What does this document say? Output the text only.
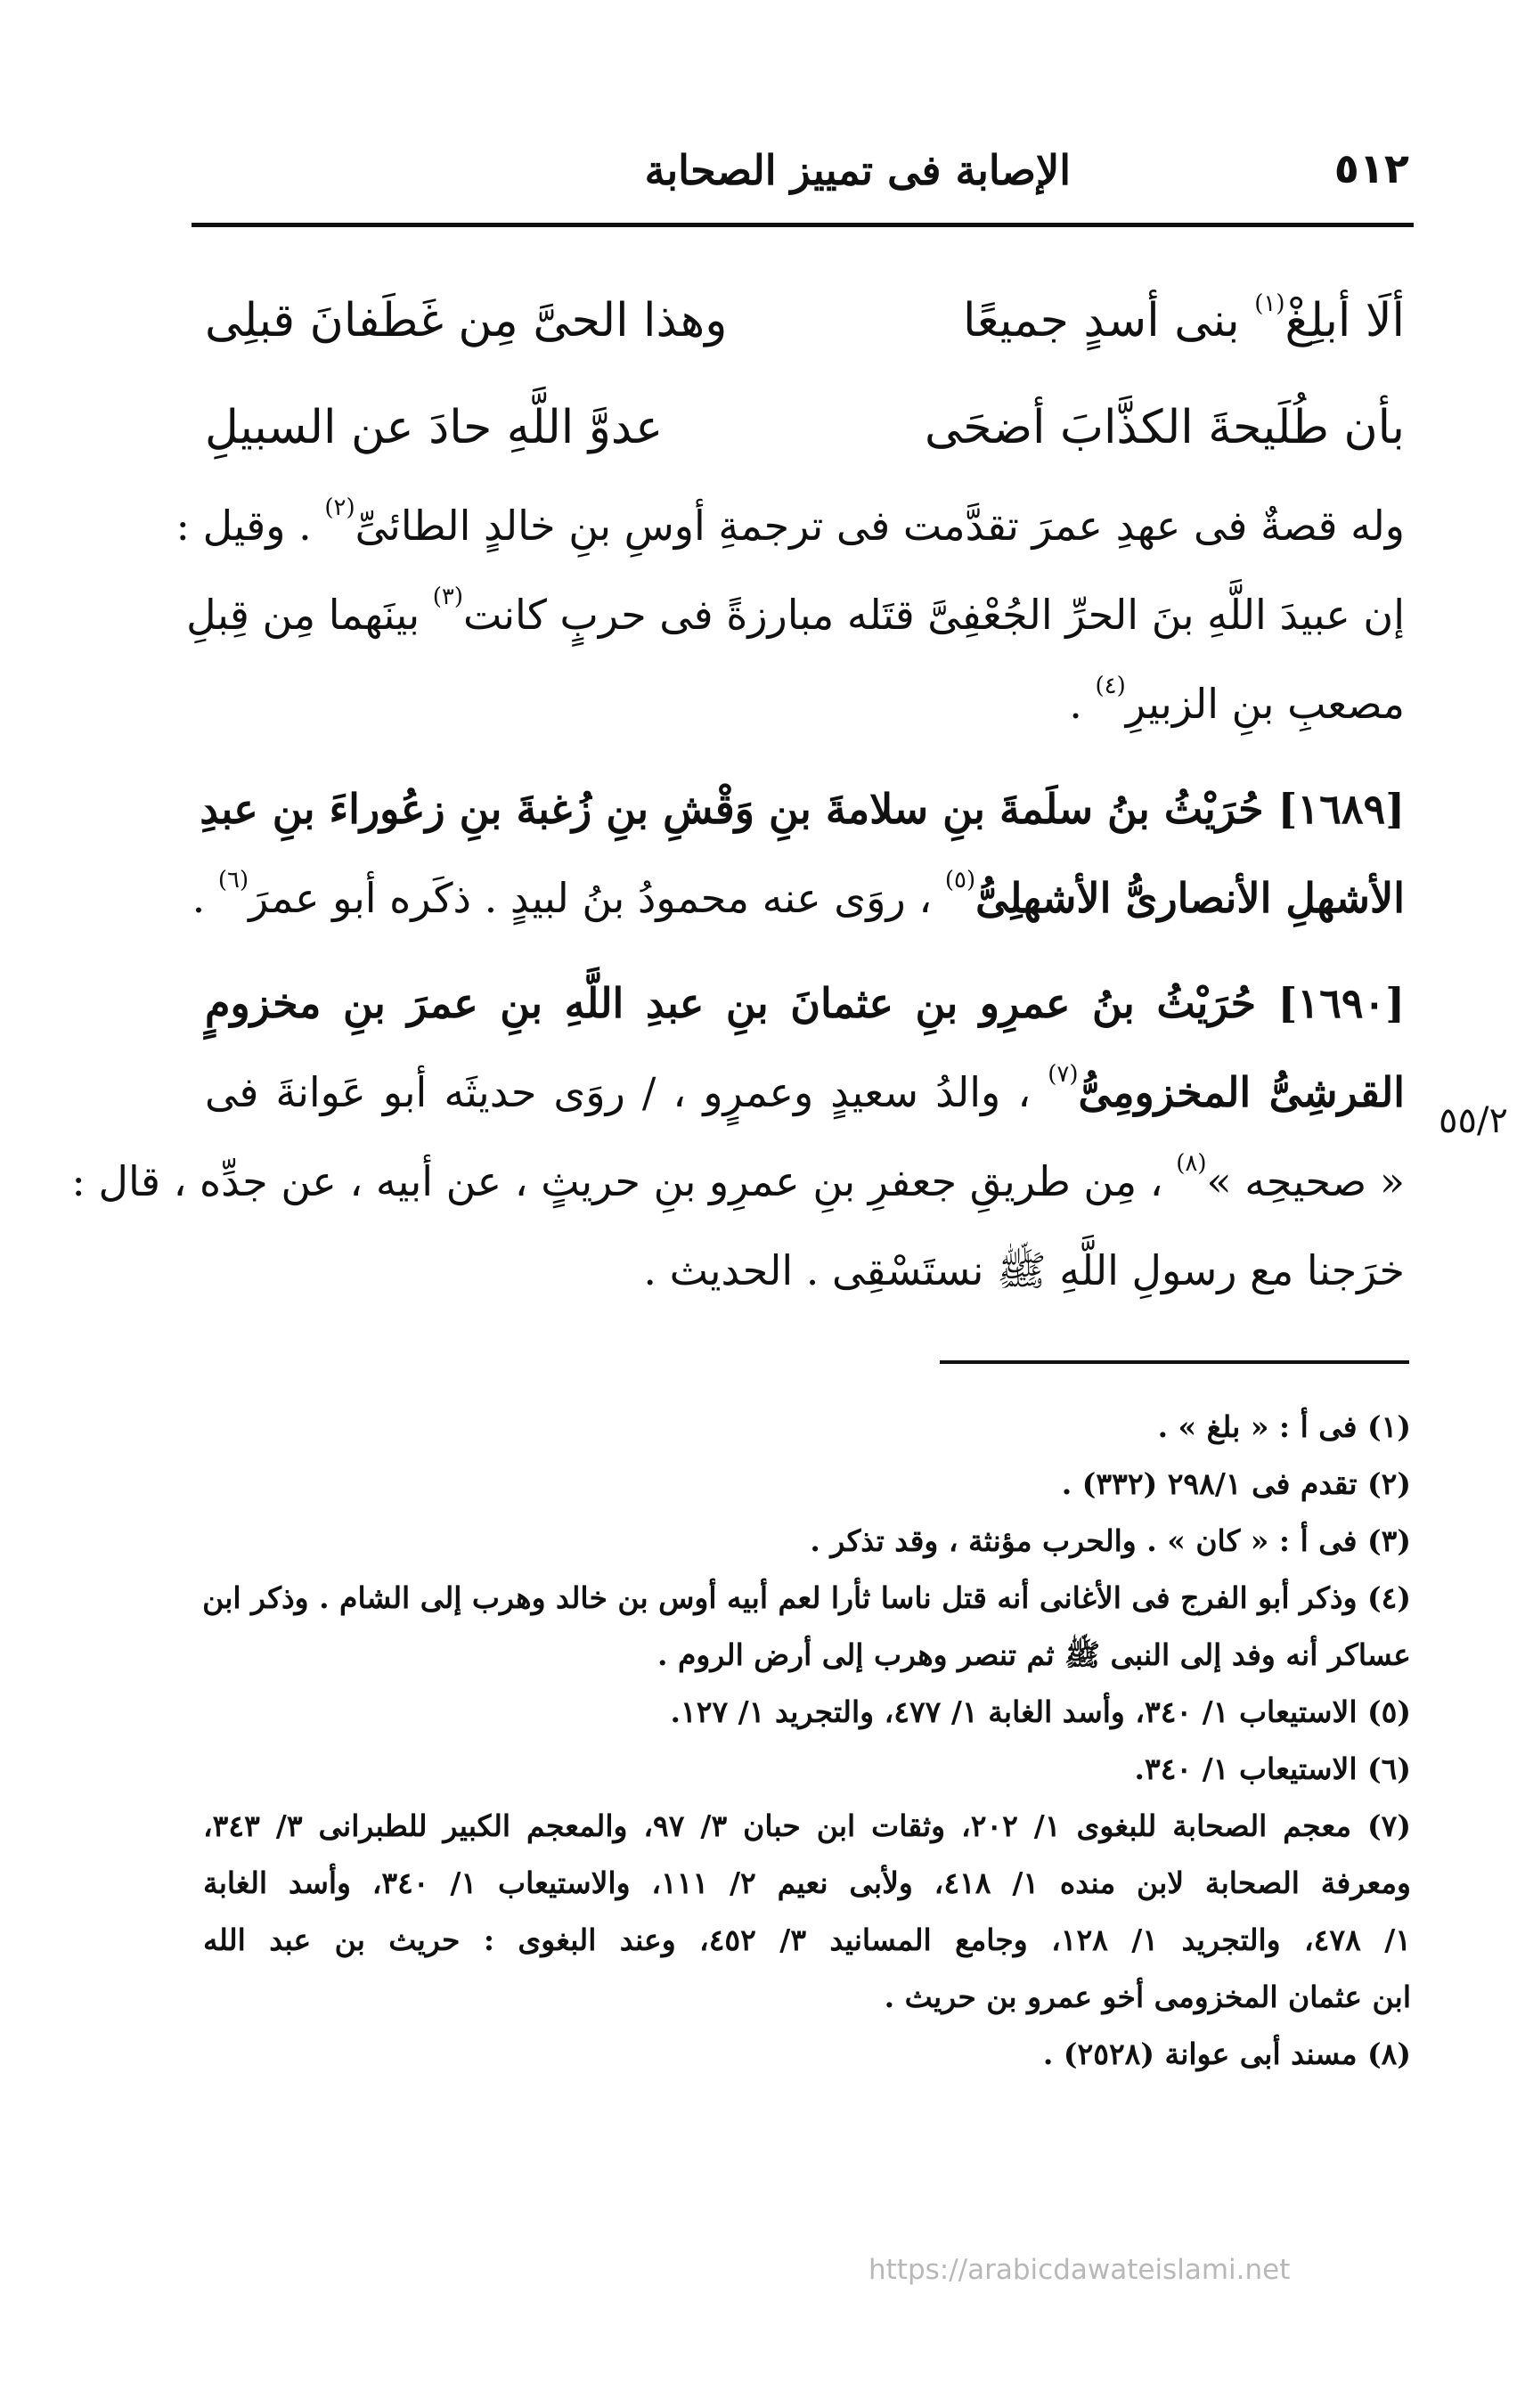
٥١٢
الإصابة فى تمييز الصحابة
ألَا أبلِغْ$^{(١)}$ بنى أسدٍ جميعًا
وهذا الحىَّ مِن غَطَفانَ قبلِى
بأن طُلَيحةَ الكذَّابَ أضحَى
عدوَّ اللَّهِ حادَ عن السبيلِ
وله قصةٌ فى عهدِ عمرَ تقدَّمت فى ترجمةِ أوسِ بنِ خالدٍ الطائىِّ$^{(٢)}$ . وقيل :
إن عبيدَ اللَّهِ بنَ الحرِّ الجُعْفِىَّ قتَله مبارزةً فى حربٍ كانت$^{(٣)}$ بينَهما مِن قِبلِ
مصعبِ بنِ الزبيرِ$^{(٤)}$ .
[١٦٨٩] حُرَيْثُ بنُ سلَمةَ بنِ سلامةَ بنِ وَقْشِ بنِ زُغبةَ بنِ زعُوراءَ بنِ عبدِ
الأشهلِ الأنصارىُّ الأشهلِىُّ$^{(٥)}$ ، روَى عنه محمودُ بنُ لبيدٍ . ذكَره أبو عمرَ$^{(٦)}$ .
[١٦٩٠] حُرَيْثُ بنُ عمرِو بنِ عثمانَ بنِ عبدِ اللَّهِ بنِ عمرَ بنِ مخزومٍ
القرشِىُّ المخزومِىُّ$^{(٧)}$ ، والدُ سعيدٍ وعمرٍو ، / روَى حديثَه أبو عَوانةَ فى
« صحيحِه »$^{(٨)}$ ، مِن طريقِ جعفرِ بنِ عمرِو بنِ حريثٍ ، عن أبيه ، عن جدِّه ، قال :
خرَجنا مع رسولِ اللَّهِ ﷺ نستَسْقِى . الحديث .
٥٥/٢
(١) فى أ : « بلغ » .
(٢) تقدم فى ٢٩٨/١ (٣٣٢) .
(٣) فى أ : « كان » . والحرب مؤنثة ، وقد تذكر .
(٤) وذكر أبو الفرج فى الأغانى أنه قتل ناسا ثأرا لعم أبيه أوس بن خالد وهرب إلى الشام . وذكر ابن
عساكر أنه وفد إلى النبى ﷺ ثم تنصر وهرب إلى أرض الروم .
(٥) الاستيعاب ١/ ٣٤٠، وأسد الغابة ١/ ٤٧٧، والتجريد ١/ ١٢٧.
(٦) الاستيعاب ١/ ٣٤٠.
(٧) معجم الصحابة للبغوى ١/ ٢٠٢، وثقات ابن حبان ٣/ ٩٧، والمعجم الكبير للطبرانى ٣/ ٣٤٣،
ومعرفة الصحابة لابن منده ١/ ٤١٨، ولأبى نعيم ٢/ ١١١، والاستيعاب ١/ ٣٤٠، وأسد الغابة
١/ ٤٧٨، والتجريد ١/ ١٢٨، وجامع المسانيد ٣/ ٤٥٢، وعند البغوى : حريث بن عبد الله
ابن عثمان المخزومى أخو عمرو بن حريث .
(٨) مسند أبى عوانة (٢٥٢٨) .
https://arabicdawateislami.net
